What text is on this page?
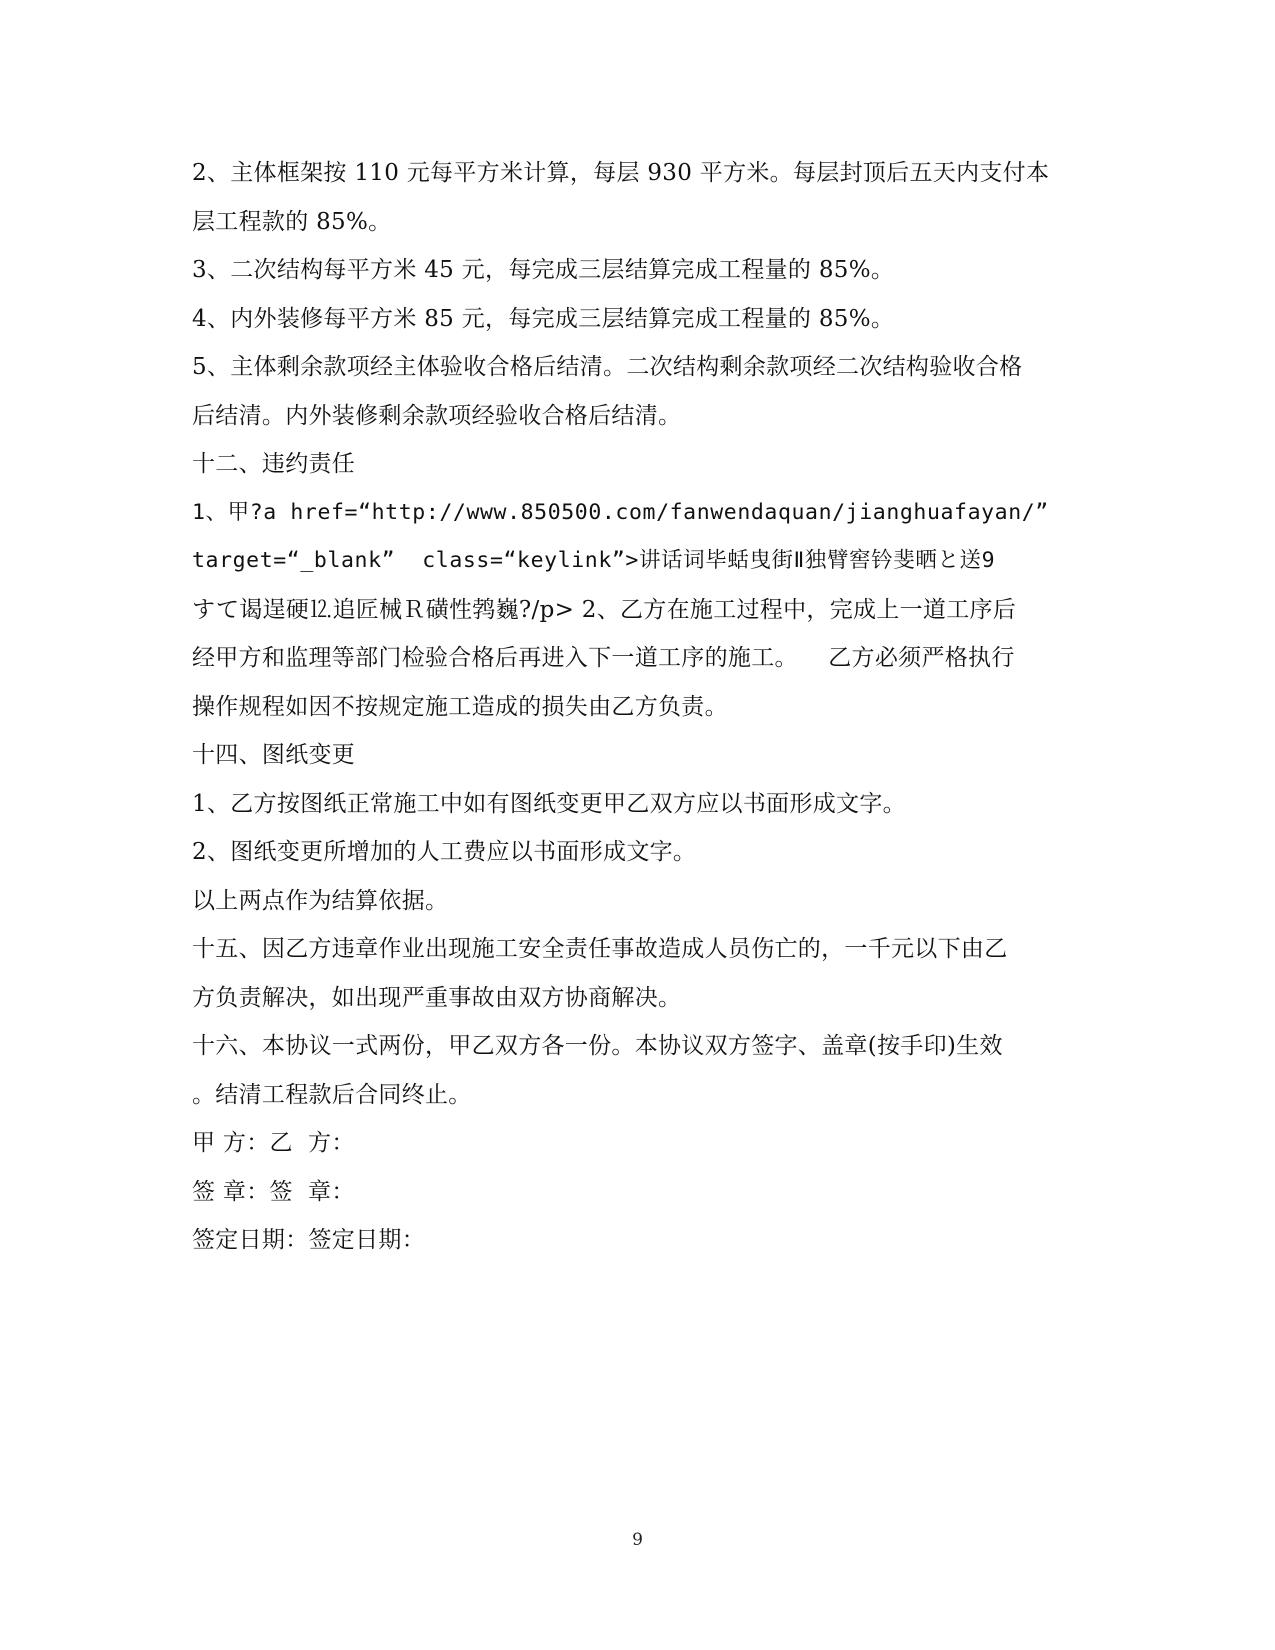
2、主体框架按 110 元每平方米计算，每层 930 平方米。每层封顶后五天内支付本
层工程款的 85%。
3、二次结构每平方米 45 元，每完成三层结算完成工程量的 85%。
4、内外装修每平方米 85 元，每完成三层结算完成工程量的 85%。
5、主体剩余款项经主体验收合格后结清。二次结构剩余款项经二次结构验收合格
后结清。内外装修剩余款项经验收合格后结清。
十二、违约责任
1、甲?a href=“http://www.850500.com/fanwendaquan/jianghuafayan/”
target=“_blank”  class=“keylink”>讲话词毕蛞曳街Ⅱ独臂窖钤斐晒と送9
すて谒逞硬⒓追匠械Ｒ磺性鹁巍?/p> 2、乙方在施工过程中，完成上一道工序后
经甲方和监理等部门检验合格后再进入下一道工序的施工。    乙方必须严格执行
操作规程如因不按规定施工造成的损失由乙方负责。
十四、图纸变更
1、乙方按图纸正常施工中如有图纸变更甲乙双方应以书面形成文字。
2、图纸变更所增加的人工费应以书面形成文字。
以上两点作为结算依据。
十五、因乙方违章作业出现施工安全责任事故造成人员伤亡的，一千元以下由乙
方负责解决，如出现严重事故由双方协商解决。
十六、本协议一式两份，甲乙双方各一份。本协议双方签字、盖章(按手印)生效
。结清工程款后合同终止。
甲 方：乙  方：
签 章：签  章：
签定日期：签定日期：
9
